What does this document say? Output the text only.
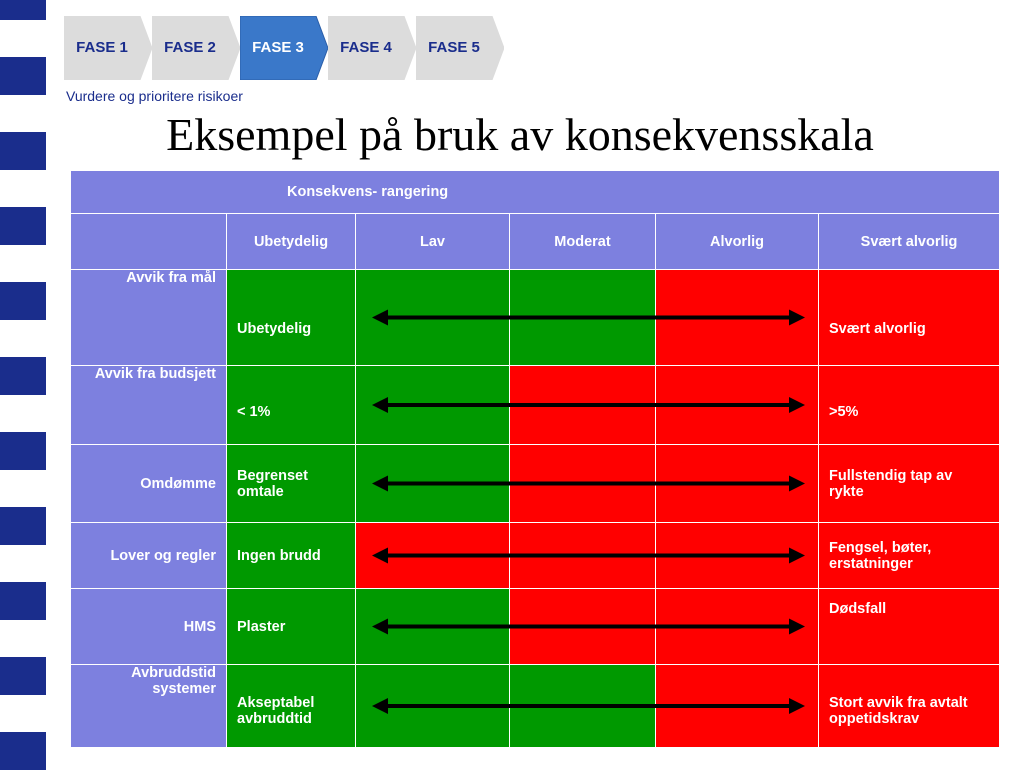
FASE 1	FASE 2	FASE 3	FASE 4	FASE 5
Vurdere og prioritere risikoer
Eksempel på bruk av konsekvensskala
Konsekvens- rangering					
	Ubetydelig	Lav	Moderat	Alvorlig	Svært alvorlig
Avvik fra mål	Ubetydelig				Svært alvorlig
Avvik fra budsjett	< 1%				>5%
Omdømme	Begrenset omtale				Fullstendig tap av rykte
Lover og regler	Ingen brudd				Fengsel, bøter, erstatninger
HMS	Plaster				Dødsfall
Avbruddstid systemer	Akseptabel avbruddtid				Stort avvik fra avtalt oppetidskrav
